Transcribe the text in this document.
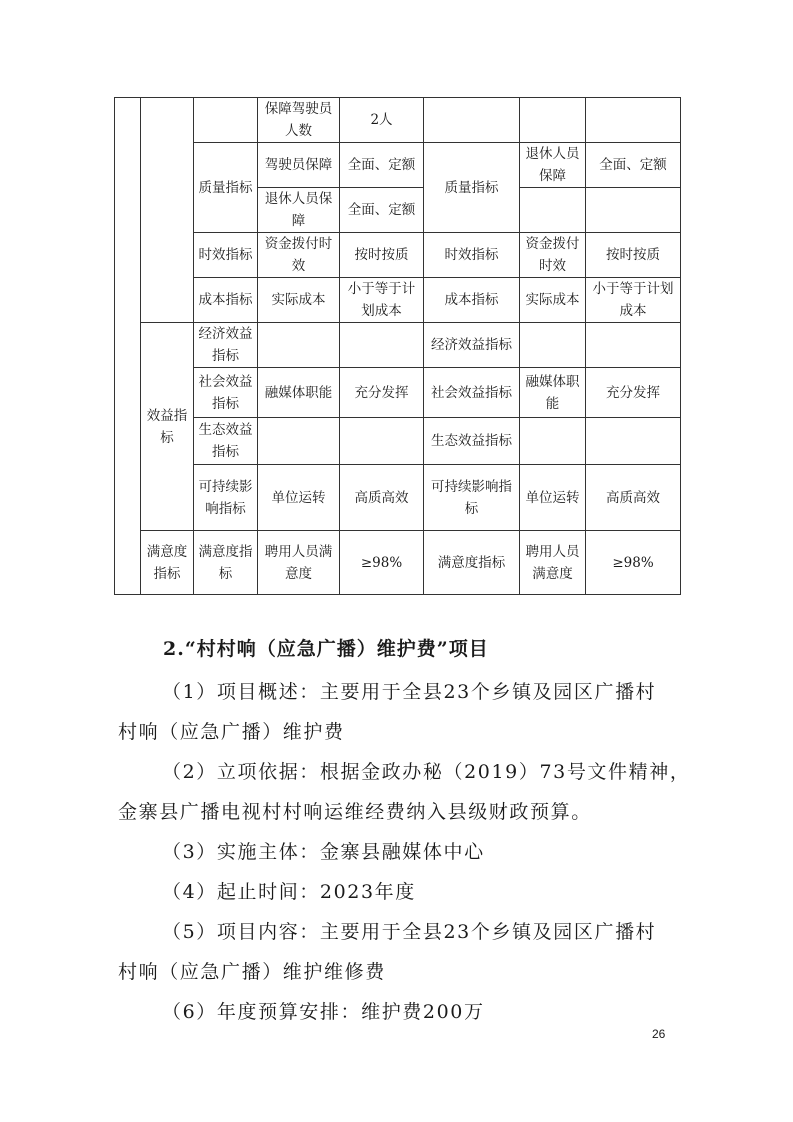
			保障驾驶员人数	2人			
		质量指标	驾驶员保障	全面、定额	质量指标	退休人员保障	全面、定额
			退休人员保障	全面、定额			
		时效指标	资金拨付时效	按时按质	时效指标	资金拨付时效	按时按质
		成本指标	实际成本	小于等于计划成本	成本指标	实际成本	小于等于计划成本
	效益指标	经济效益指标			经济效益指标		
		社会效益指标	融媒体职能	充分发挥	社会效益指标	融媒体职能	充分发挥
		生态效益指标			生态效益指标		
		可持续影响指标	单位运转	高质高效	可持续影响指标	单位运转	高质高效
	满意度指标	满意度指标	聘用人员满意度	≥98%	满意度指标	聘用人员满意度	≥98%
2.“村村响（应急广播）维护费”项目

（1）项目概述：主要用于全县23个乡镇及园区广播村

村响（应急广播）维护费

（2）立项依据：根据金政办秘（2019）73号文件精神，

金寨县广播电视村村响运维经费纳入县级财政预算。

（3）实施主体：金寨县融媒体中心

（4）起止时间：2023年度

（5）项目内容：主要用于全县23个乡镇及园区广播村

村响（应急广播）维护维修费

（6）年度预算安排：维护费200万

26
